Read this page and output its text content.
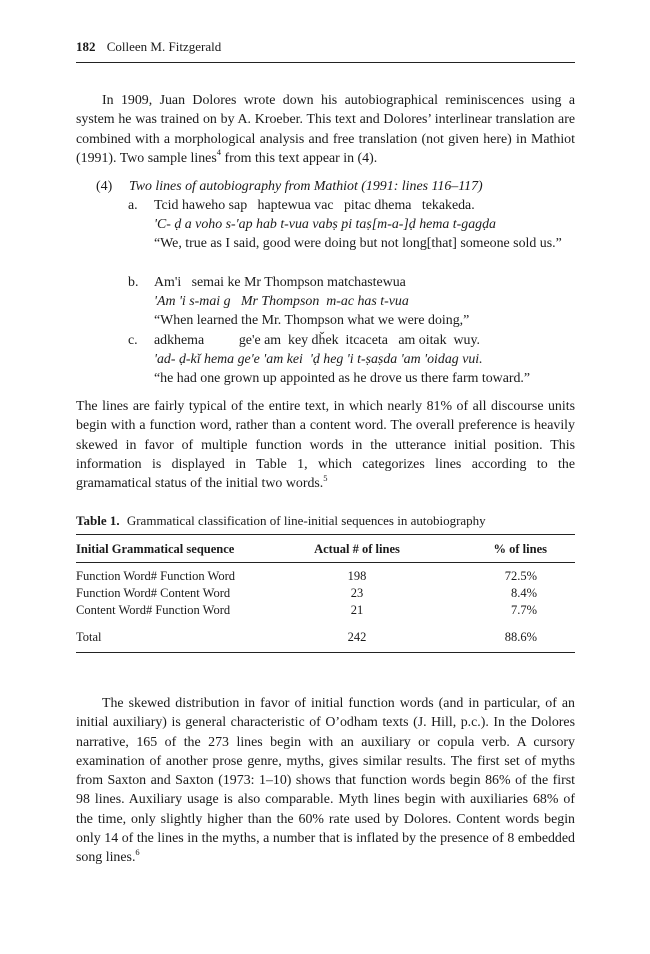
182 Colleen M. Fitzgerald
In 1909, Juan Dolores wrote down his autobiographical reminiscences using a system he was trained on by A. Kroeber. This text and Dolores’ interlinear translation are combined with a morphological analysis and free translation (not given here) in Mathiot (1991). Two sample lines$^4$ from this text appear in (4).
(4) Two lines of autobiography from Mathiot (1991: lines 116–117)
a. Tcid haweho sap   haptewua vac   pitac dhema   tekakeda.
'C- ḍ a voho s-'ap hab t-vua vabṣ pi taṣ[m-a-]ḍ hema t-gagḍa
“We, true as I said, good were doing but not long[that] someone sold us.”
b. Am'i   semai ke Mr Thompson matchastewua
'Am 'i s-mai g   Mr Thompson  m-ac has t-vua
“When learned the Mr. Thompson what we were doing,”
c. adkhema          ge'e am  key dȟek  itcaceta   am oitak  wuy.
'ad- ḍ-kĭ hema ge'e 'am kei  'ḍ heg 'i t-ṣaṣda 'am 'oidag vui.
“he had one grown up appointed as he drove us there farm toward.”
The lines are fairly typical of the entire text, in which nearly 81% of all discourse units begin with a function word, rather than a content word. The overall preference is heavily skewed in favor of multiple function words in the utterance initial position. This information is displayed in Table 1, which categorizes lines according to the gramamatical status of the initial two words.$^5$
Table 1. Grammatical classification of line-initial sequences in autobiography
Initial Grammatical sequence	Actual # of lines	% of lines

Function Word# Function Word	198	72.5%
Function Word# Content Word	23	8.4%
Content Word# Function Word	21	7.7%

Total	242	88.6%
The skewed distribution in favor of initial function words (and in particular, of an initial auxiliary) is general characteristic of O’odham texts (J. Hill, p.c.). In the Dolores narrative, 165 of the 273 lines begin with an auxiliary or copula verb. A cursory examination of another prose genre, myths, gives similar results. The first set of myths from Saxton and Saxton (1973: 1–10) shows that function words begin 86% of the first 98 lines. Auxiliary usage is also comparable. Myth lines begin with auxiliaries 68% of the time, only slightly higher than the 60% rate used by Dolores. Content words begin only 14 of the lines in the myths, a number that is inflated by the presence of 8 embedded song lines.$^6$
